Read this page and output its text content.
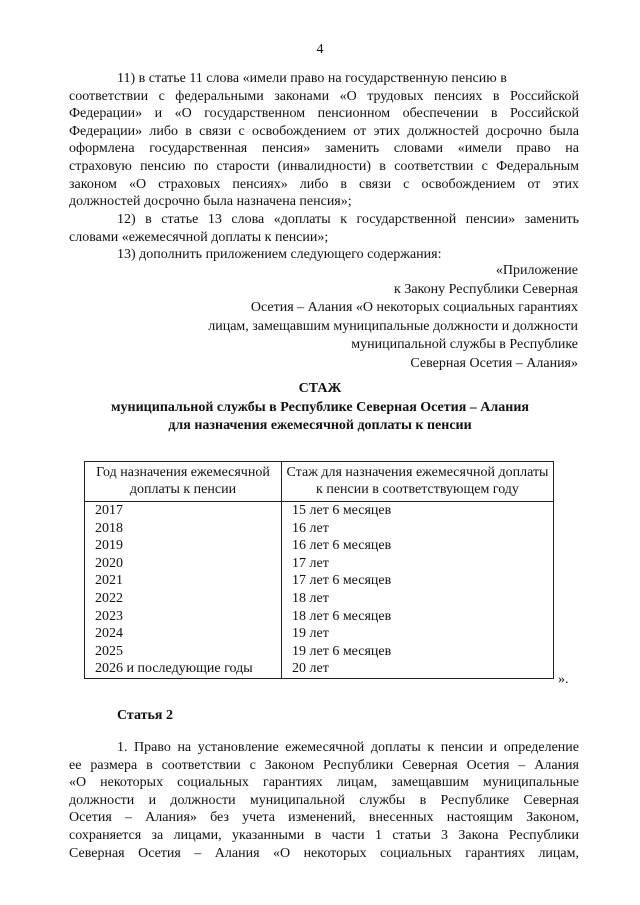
4

11) в статье 11 слова «имели право на государственную пенсию в

соответствии с федеральными законами «О трудовых пенсиях в Российской
Федерации» и «О государственном пенсионном обеспечении в Российской
Федерации» либо в связи с освобождением от этих должностей досрочно была
оформлена государственная пенсия» заменить словами «имели право на
страховую пенсию по старости (инвалидности) в соответствии с Федеральным
законом «О страховых пенсиях» либо в связи с освобождением от этих
должностей досрочно была назначена пенсия»;
12) в статье 13 слова «доплаты к государственной пенсии» заменить
словами «ежемесячной доплаты к пенсии»;
13) дополнить приложением следующего содержания:
«Приложение
к Закону Республики Северная
Осетия – Алания «О некоторых социальных гарантиях
лицам, замещавшим муниципальные должности и должности
муниципальной службы в Республике
Северная Осетия – Алания»
СТАЖ
муниципальной службы в Республике Северная Осетия – Алания
для назначения ежемесячной доплаты к пенсии
Год назначения ежемесячной доплаты к пенсии	Стаж для назначения ежемесячной доплаты к пенсии в соответствующем году
2017	15 лет 6 месяцев
2018	16 лет
2019	16 лет 6 месяцев
2020	17 лет
2021	17 лет 6 месяцев
2022	18 лет
2023	18 лет 6 месяцев
2024	19 лет
2025	19 лет 6 месяцев
2026 и последующие годы	20 лет
».
Статья 2
1. Право на установление ежемесячной доплаты к пенсии и определение
ее размера в соответствии с Законом Республики Северная Осетия – Алания
«О некоторых социальных гарантиях лицам, замещавшим муниципальные
должности и должности муниципальной службы в Республике Северная
Осетия – Алания» без учета изменений, внесенных настоящим Законом,
сохраняется за лицами, указанными в части 1 статьи 3 Закона Республики
Северная Осетия – Алания «О некоторых социальных гарантиях лицам,
